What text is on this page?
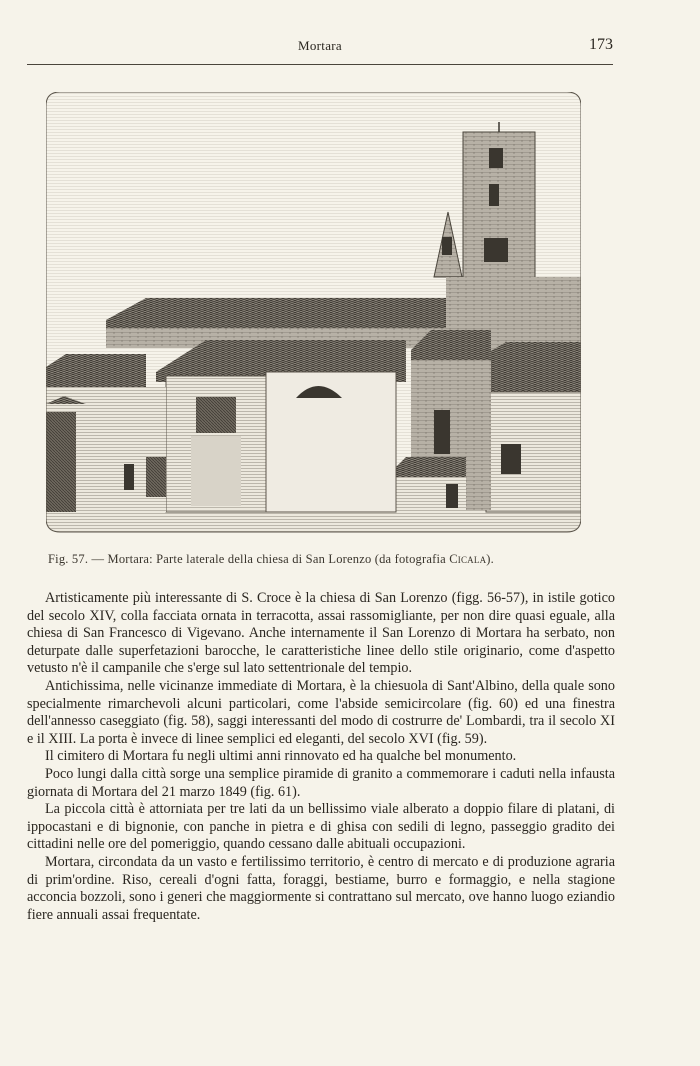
Mortara	173
Fig. 57. — Mortara: Parte laterale della chiesa di San Lorenzo (da fotografia Cicala).

Artisticamente più interessante di S. Croce è la chiesa di San Lorenzo (figg. 56-57), in istile gotico del secolo XIV, colla facciata ornata in terracotta, assai rassomigliante, per non dire quasi eguale, alla chiesa di San Francesco di Vigevano. Anche internamente il San Lorenzo di Mortara ha serbato, non deturpate dalle superfetazioni barocche, le caratteristiche linee dello stile originario, come d'aspetto vetusto n'è il campanile che s'erge sul lato settentrionale del tempio.

Antichissima, nelle vicinanze immediate di Mortara, è la chiesuola di Sant'Albino, della quale sono specialmente rimarchevoli alcuni particolari, come l'abside semicircolare (fig. 60) ed una finestra dell'annesso caseggiato (fig. 58), saggi interessanti del modo di costrurre de' Lombardi, tra il secolo XI e il XIII. La porta è invece di linee semplici ed eleganti, del secolo XVI (fig. 59).

Il cimitero di Mortara fu negli ultimi anni rinnovato ed ha qualche bel monumento.

Poco lungi dalla città sorge una semplice piramide di granito a commemorare i caduti nella infausta giornata di Mortara del 21 marzo 1849 (fig. 61).

La piccola città è attorniata per tre lati da un bellissimo viale alberato a doppio filare di platani, di ippocastani e di bignonie, con panche in pietra e di ghisa con sedili di legno, passeggio gradito dei cittadini nelle ore del pomeriggio, quando cessano dalle abituali occupazioni.

Mortara, circondata da un vasto e fertilissimo territorio, è centro di mercato e di produzione agraria di prim'ordine. Riso, cereali d'ogni fatta, foraggi, bestiame, burro e formaggio, e nella stagione acconcia bozzoli, sono i generi che maggiormente si contrattano sul mercato, ove hanno luogo eziandio fiere annuali assai frequentate.
